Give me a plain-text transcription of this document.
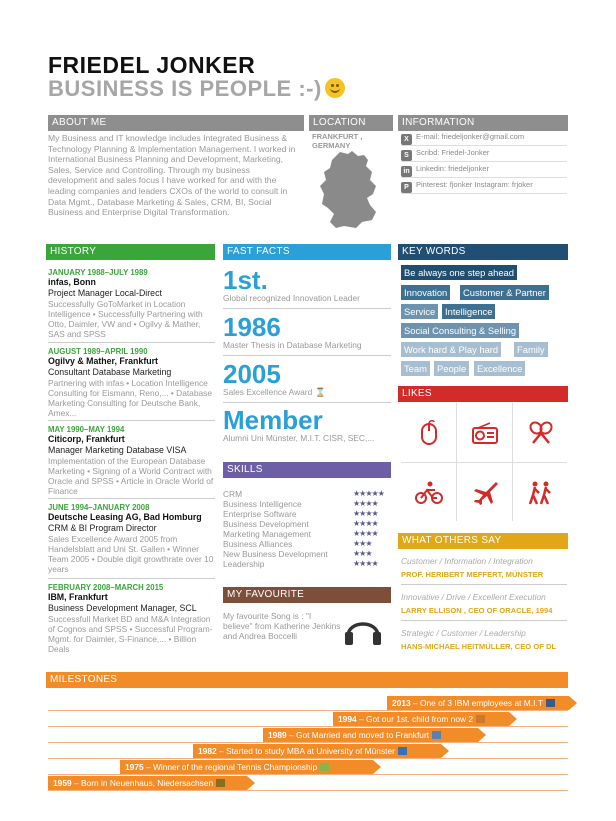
FRIEDEL JONKER
BUSINESS IS PEOPLE :-)
ABOUT ME
My Business and IT knowledge includes Integrated Business & Technology Planning & Implementation Management. I worked in International Business Planning and Development, Marketing, Sales, Service and Controlling. Through my business development and sales focus I have worked for and with the leading companies and leaders CXOs of the world to consult in Data Mgmt., Database Marketing & Sales, CRM, BI, Social Business and Enterprise Digital Transformation.
LOCATION
FRANKFURT ,
GERMANY
INFORMATION
X E-mail: friedeljonker@gmail.com
S Scribd: Friedel-Jonker
in Linkedin: friedeljonker
P Pinterest: fjonker Instagram: frjoker
HISTORY
JANUARY 1988–JULY 1989
infas, Bonn
Project Manager Local-Direct
Successfully GoToMarket in Location Intelligence • Successfully Partnering with Otto, Daimler, VW and • Ogilvy & Mather, SAS and SPSS
AUGUST 1989–APRIL 1990
Ogilvy & Mather, Frankfurt
Consultant Database Marketing
Partnering with infas • Location Intelligence Consulting for Eismann, Reno,... • Database Marketing Consulting for Deutsche Bank, Amex...
MAY 1990–MAY 1994
Citicorp, Frankfurt
Manager Marketing Database VISA
Implementation of the European Database Marketing • Signing of a World Contract with Oracle and SPSS • Article in Oracle World of Finance
JUNE 1994–JANUARY 2008
Deutsche Leasing AG, Bad Homburg
CRM & BI Program Director
Sales Excellence Award 2005 from Handelsblatt and Uni St. Gallen • Winner Team 2005 • Double digit growthrate over 10 years
FEBRUARY 2008–MARCH 2015
IBM, Frankfurt
Business Development Manager, SCL
Successfull Market BD and M&A Integration of Cognos and SPSS • Successful Program-Mgmt. for Daimler, S-Finance,... • Billion Deals
FAST FACTS
1st.
Global recognized Innovation Leader
1986
Master Thesis in Database Marketing
2005
Sales Excellence Award ⌛
Member
Alumni Uni Münster, M.I.T. CISR, SEC,...
SKILLS
CRM	★★★★★
Business Intelligence	★★★★
Enterprise Software	★★★★
Business Development	★★★★
Marketing Management	★★★★
Business Alliances	★★★
New Business Development	★★★
Leadership	★★★★
MY FAVOURITE
My favourite Song is : "I believe" from Katherine Jenkins and Andrea Boccelli
KEY WORDS
Be always one step ahead
Innovation	Customer & Partner
Service	Intelligence
Social Consulting & Selling
Work hard & Play hard	Family
Team	People	Excellence
LIKES
WHAT OTHERS SAY
Customer / Information / Integration
PROF. HERIBERT MEFFERT, MÜNSTER
Innovative / Drive / Excellent Execution
LARRY ELLISON , CEO OF ORACLE, 1994
Strategic / Customer / Leadership
HANS-MICHAEL HEITMÜLLER, CEO OF DL
MILESTONES
2013 – One of 3 IBM employees at M.I.T
1994 – Got our 1st. child from now 2
1989 – Got Married and moved to Frankfurt
1982 – Started to study MBA at University of Münster
1975 – Winner of the regional Tennis Championship
1959 – Born in Neuenhaus, Niedersachsen
